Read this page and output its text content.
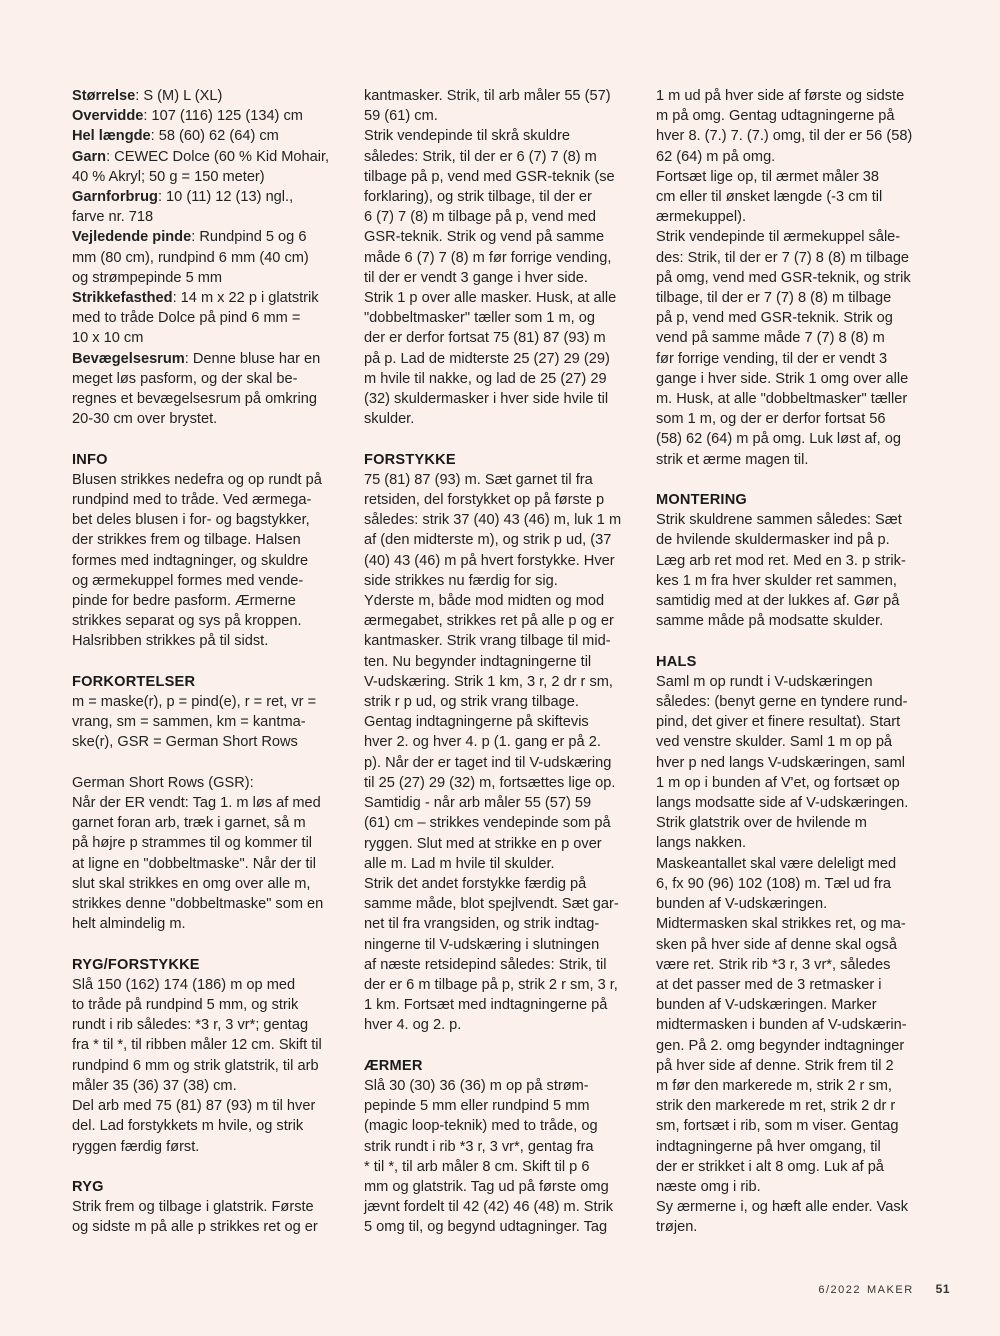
Størrelse: S (M) L (XL)

Overvidde: 107 (116) 125 (134) cm

Hel længde: 58 (60) 62 (64) cm

Garn: CEWEC Dolce (60 % Kid Mohair,
40 % Akryl; 50 g = 150 meter)

Garnforbrug: 10 (11) 12 (13) ngl.,
farve nr. 718

Vejledende pinde: Rundpind 5 og 6
mm (80 cm), rundpind 6 mm (40 cm)
og strømpepinde 5 mm

Strikkefasthed: 14 m x 22 p i glatstrik
med to tråde Dolce på pind 6 mm =
10 x 10 cm

Bevægelsesrum: Denne bluse har en
meget løs pasform, og der skal be-
regnes et bevægelsesrum på omkring
20-30 cm over brystet.

INFO

Blusen strikkes nedefra og op rundt på
rundpind med to tråde. Ved ærmega-
bet deles blusen i for- og bagstykker,
der strikkes frem og tilbage. Halsen
formes med indtagninger, og skuldre
og ærmekuppel formes med vende-
pinde for bedre pasform. Ærmerne
strikkes separat og sys på kroppen.
Halsribben strikkes på til sidst.

FORKORTELSER

m = maske(r), p = pind(e), r = ret, vr =
vrang, sm = sammen, km = kantma-
ske(r), GSR = German Short Rows

German Short Rows (GSR):

Når der ER vendt: Tag 1. m løs af med
garnet foran arb, træk i garnet, så m
på højre p strammes til og kommer til
at ligne en "dobbeltmaske". Når der til
slut skal strikkes en omg over alle m,
strikkes denne "dobbeltmaske" som en
helt almindelig m.

RYG/FORSTYKKE

Slå 150 (162) 174 (186) m op med
to tråde på rundpind 5 mm, og strik
rundt i rib således: *3 r, 3 vr*; gentag
fra * til *, til ribben måler 12 cm. Skift til
rundpind 6 mm og strik glatstrik, til arb
måler 35 (36) 37 (38) cm.

Del arb med 75 (81) 87 (93) m til hver
del. Lad forstykkets m hvile, og strik
ryggen færdig først.

RYG

Strik frem og tilbage i glatstrik. Første
og sidste m på alle p strikkes ret og er

kantmasker. Strik, til arb måler 55 (57)
59 (61) cm.

Strik vendepinde til skrå skuldre
således: Strik, til der er 6 (7) 7 (8) m
tilbage på p, vend med GSR-teknik (se
forklaring), og strik tilbage, til der er
6 (7) 7 (8) m tilbage på p, vend med
GSR-teknik. Strik og vend på samme
måde 6 (7) 7 (8) m før forrige vending,
til der er vendt 3 gange i hver side.
Strik 1 p over alle masker. Husk, at alle
"dobbeltmasker" tæller som 1 m, og
der er derfor fortsat 75 (81) 87 (93) m
på p. Lad de midterste 25 (27) 29 (29)
m hvile til nakke, og lad de 25 (27) 29
(32) skuldermasker i hver side hvile til
skulder.

FORSTYKKE

75 (81) 87 (93) m. Sæt garnet til fra
retsiden, del forstykket op på første p
således: strik 37 (40) 43 (46) m, luk 1 m
af (den midterste m), og strik p ud, (37
(40) 43 (46) m på hvert forstykke. Hver
side strikkes nu færdig for sig.

Yderste m, både mod midten og mod
ærmegabet, strikkes ret på alle p og er
kantmasker. Strik vrang tilbage til mid-
ten. Nu begynder indtagningerne til
V-udskæring. Strik 1 km, 3 r, 2 dr r sm,
strik r p ud, og strik vrang tilbage.
Gentag indtagningerne på skiftevis
hver 2. og hver 4. p (1. gang er på 2.
p). Når der er taget ind til V-udskæring
til 25 (27) 29 (32) m, fortsættes lige op.
Samtidig - når arb måler 55 (57) 59
(61) cm – strikkes vendepinde som på
ryggen. Slut med at strikke en p over
alle m. Lad m hvile til skulder.

Strik det andet forstykke færdig på
samme måde, blot spejlvendt. Sæt gar-
net til fra vrangsiden, og strik indtag-
ningerne til V-udskæring i slutningen
af næste retsidepind således: Strik, til
der er 6 m tilbage på p, strik 2 r sm, 3 r,
1 km. Fortsæt med indtagningerne på
hver 4. og 2. p.

ÆRMER

Slå 30 (30) 36 (36) m op på strøm-
pepinde 5 mm eller rundpind 5 mm
(magic loop-teknik) med to tråde, og
strik rundt i rib *3 r, 3 vr*, gentag fra
* til *, til arb måler 8 cm. Skift til p 6
mm og glatstrik. Tag ud på første omg
jævnt fordelt til 42 (42) 46 (48) m. Strik
5 omg til, og begynd udtagninger. Tag

1 m ud på hver side af første og sidste
m på omg. Gentag udtagningerne på
hver 8. (7.) 7. (7.) omg, til der er 56 (58)
62 (64) m på omg.

Fortsæt lige op, til ærmet måler 38
cm eller til ønsket længde (-3 cm til
ærmekuppel).

Strik vendepinde til ærmekuppel såle-
des: Strik, til der er 7 (7) 8 (8) m tilbage
på omg, vend med GSR-teknik, og strik
tilbage, til der er 7 (7) 8 (8) m tilbage
på p, vend med GSR-teknik. Strik og
vend på samme måde 7 (7) 8 (8) m
før forrige vending, til der er vendt 3
gange i hver side. Strik 1 omg over alle
m. Husk, at alle "dobbeltmasker" tæller
som 1 m, og der er derfor fortsat 56
(58) 62 (64) m på omg. Luk løst af, og
strik et ærme magen til.

MONTERING

Strik skuldrene sammen således: Sæt
de hvilende skuldermasker ind på p.
Læg arb ret mod ret. Med en 3. p strik-
kes 1 m fra hver skulder ret sammen,
samtidig med at der lukkes af. Gør på
samme måde på modsatte skulder.

HALS

Saml m op rundt i V-udskæringen
således: (benyt gerne en tyndere rund-
pind, det giver et finere resultat). Start
ved venstre skulder. Saml 1 m op på
hver p ned langs V-udskæringen, saml
1 m op i bunden af V'et, og fortsæt op
langs modsatte side af V-udskæringen.
Strik glatstrik over de hvilende m
langs nakken.

Maskeantallet skal være deleligt med
6, fx 90 (96) 102 (108) m. Tæl ud fra
bunden af V-udskæringen.

Midtermasken skal strikkes ret, og ma-
sken på hver side af denne skal også
være ret. Strik rib *3 r, 3 vr*, således
at det passer med de 3 retmasker i
bunden af V-udskæringen. Marker
midtermasken i bunden af V-udskærin-
gen. På 2. omg begynder indtagninger
på hver side af denne. Strik frem til 2
m før den markerede m, strik 2 r sm,
strik den markerede m ret, strik 2 dr r
sm, fortsæt i rib, som m viser. Gentag
indtagningerne på hver omgang, til
der er strikket i alt 8 omg. Luk af på
næste omg i rib.

Sy ærmerne i, og hæft alle ender. Vask
trøjen.

6/2022 MAKER 51
